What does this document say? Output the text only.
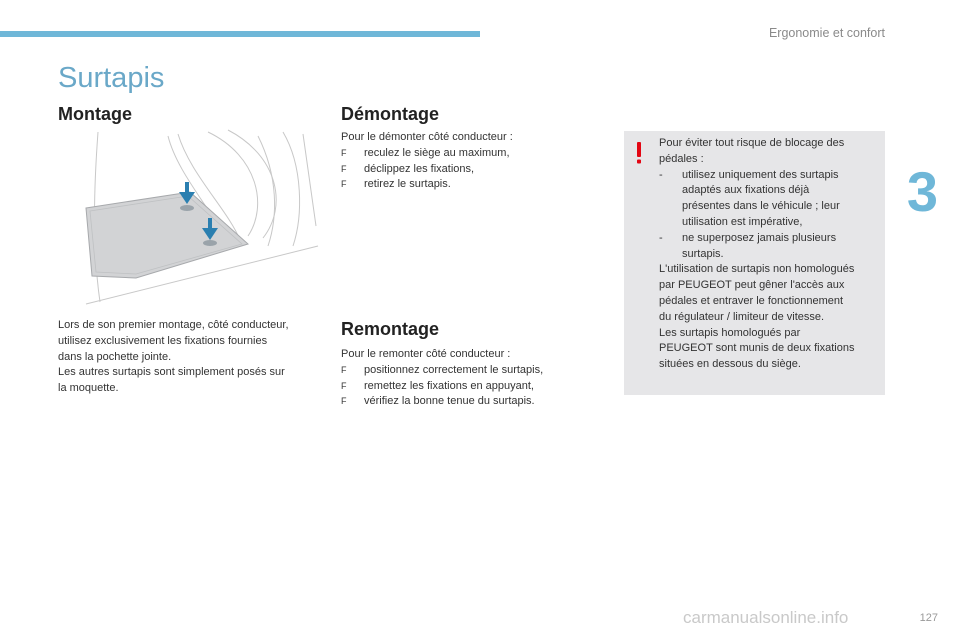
Ergonomie et confort
3
Surtapis
Montage
Lors de son premier montage, côté conducteur,
utilisez exclusivement les fixations fournies
dans la pochette jointe.
Les autres surtapis sont simplement posés sur
la moquette.
Démontage
Pour le démonter côté conducteur :
F	reculez le siège au maximum,
F	déclippez les fixations,
F	retirez le surtapis.
Remontage
Pour le remonter côté conducteur :
F	positionnez correctement le surtapis,
F	remettez les fixations en appuyant,
F	vérifiez la bonne tenue du surtapis.
Pour éviter tout risque de blocage des
pédales :
-	utilisez uniquement des surtapis
adaptés aux fixations déjà
présentes dans le véhicule ; leur
utilisation est impérative,
-	ne superposez jamais plusieurs
surtapis.
L'utilisation de surtapis non homologués
par PEUGEOT peut gêner l'accès aux
pédales et entraver le fonctionnement
du régulateur / limiteur de vitesse.
Les surtapis homologués par
PEUGEOT sont munis de deux fixations
situées en dessous du siège.
carmanualsonline.info	127
